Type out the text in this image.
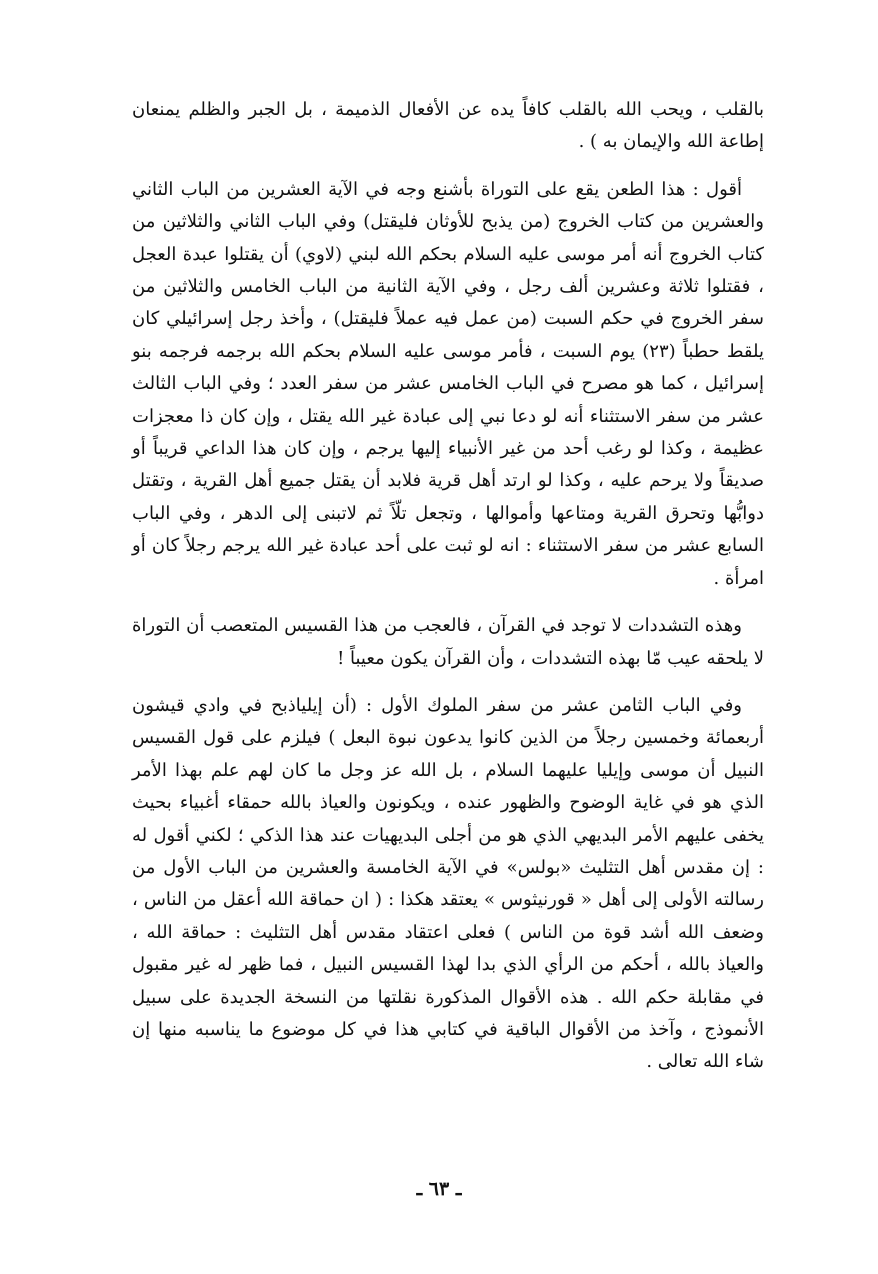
بالقلب ، ويحب الله بالقلب كافاً يده عن الأفعال الذميمة ، بل الجبر والظلم يمنعان إطاعة الله والإيمان به ) .

أقول : هذا الطعن يقع على التوراة بأشنع وجه في الآية العشرين من الباب الثاني والعشرين من كتاب الخروج (من يذبح للأوثان فليقتل) وفي الباب الثاني والثلاثين من كتاب الخروج أنه أمر موسى عليه السلام بحكم الله لبني (لاوي) أن يقتلوا عبدة العجل ، فقتلوا ثلاثة وعشرين ألف رجل ، وفي الآية الثانية من الباب الخامس والثلاثين من سفر الخروج في حكم السبت (من عمل فيه عملاً فليقتل) ، وأخذ رجل إسرائيلي كان يلقط حطباً (٢٣) يوم السبت ، فأمر موسى عليه السلام بحكم الله برجمه فرجمه بنو إسرائيل ، كما هو مصرح في الباب الخامس عشر من سفر العدد ؛ وفي الباب الثالث عشر من سفر الاستثناء أنه لو دعا نبي إلى عبادة غير الله يقتل ، وإن كان ذا معجزات عظيمة ، وكذا لو رغب أحد من غير الأنبياء إليها يرجم ، وإن كان هذا الداعي قريباً أو صديقاً ولا يرحم عليه ، وكذا لو ارتد أهل قرية فلابد أن يقتل جميع أهل القرية ، وتقتل دوابُّها وتحرق القرية ومتاعها وأموالها ، وتجعل تلّاً ثم لاتبنى إلى الدهر ، وفي الباب السابع عشر من سفر الاستثناء : انه لو ثبت على أحد عبادة غير الله يرجم رجلاً كان أو امرأة .

وهذه التشددات لا توجد في القرآن ، فالعجب من هذا القسيس المتعصب أن التوراة لا يلحقه عيب مّا بهذه التشددات ، وأن القرآن يكون معيباً !

وفي الباب الثامن عشر من سفر الملوك الأول : (أن إيلياذبح في وادي قيشون أربعمائة وخمسين رجلاً من الذين كانوا يدعون نبوة البعل ) فيلزم على قول القسيس النبيل أن موسى وإيليا عليهما السلام ، بل الله عز وجل ما كان لهم علم بهذا الأمر الذي هو في غاية الوضوح والظهور عنده ، ويكونون والعياذ بالله حمقاء أغبياء بحيث يخفى عليهم الأمر البديهي الذي هو من أجلى البديهيات عند هذا الذكي ؛ لكني أقول له : إن مقدس أهل التثليث «بولس» في الآية الخامسة والعشرين من الباب الأول من رسالته الأولى إلى أهل « قورنيثوس » يعتقد هكذا : ( ان حماقة الله أعقل من الناس ، وضعف الله أشد قوة من الناس ) فعلى اعتقاد مقدس أهل التثليث : حماقة الله ، والعياذ بالله ، أحكم من الرأي الذي بدا لهذا القسيس النبيل ، فما ظهر له غير مقبول في مقابلة حكم الله . هذه الأقوال المذكورة نقلتها من النسخة الجديدة على سبيل الأنموذج ، وآخذ من الأقوال الباقية في كتابي هذا في كل موضوع ما يناسبه منها إن شاء الله تعالى .

ـ ٦٣ ـ
